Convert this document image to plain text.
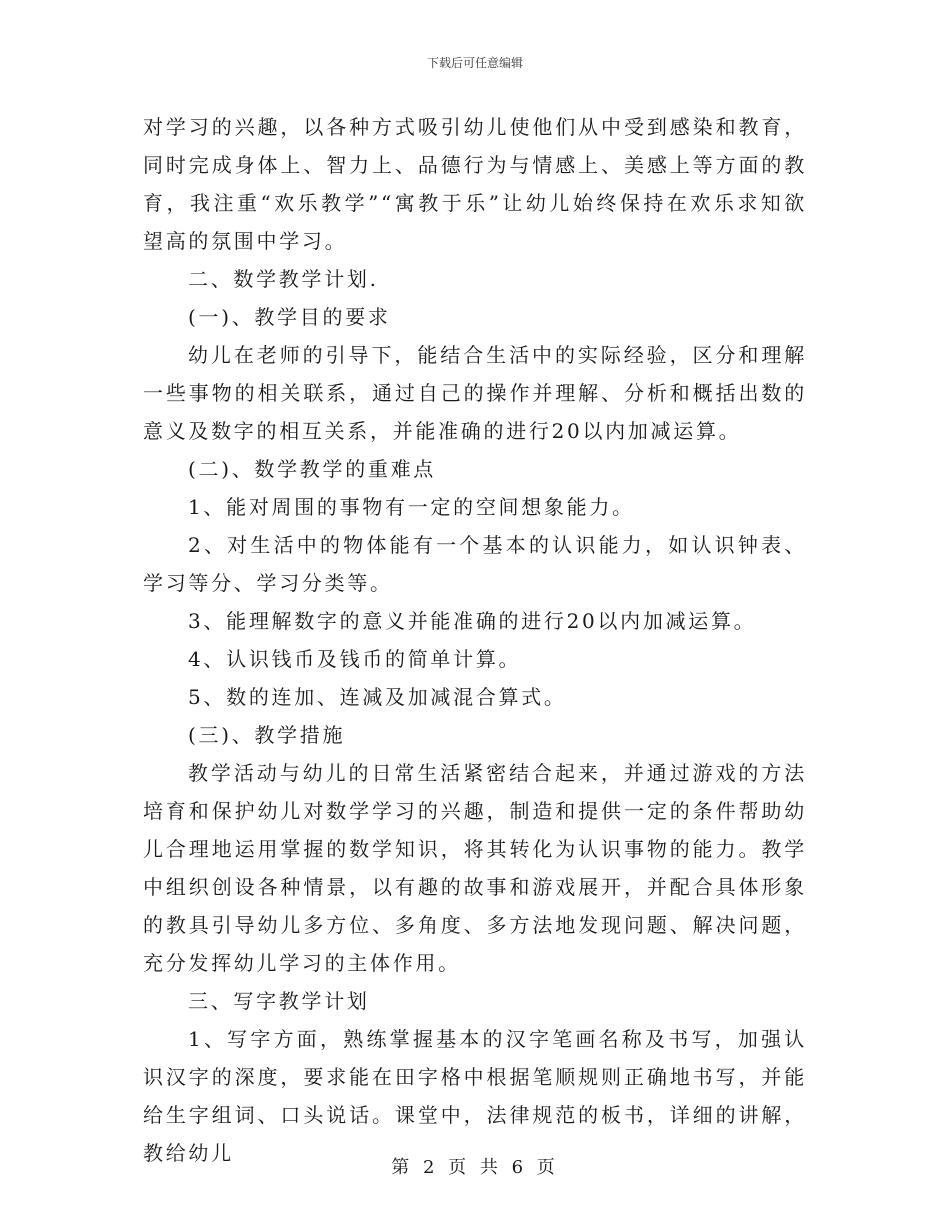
下载后可任意编辑

对学习的兴趣，以各种方式吸引幼儿使他们从中受到感染和教育，同时完成身体上、智力上、品德行为与情感上、美感上等方面的教育，我注重“欢乐教学”“寓教于乐”让幼儿始终保持在欢乐求知欲望高的氛围中学习。

二、数学教学计划.

(一)、教学目的要求

幼儿在老师的引导下，能结合生活中的实际经验，区分和理解一些事物的相关联系，通过自己的操作并理解、分析和概括出数的意义及数字的相互关系，并能准确的进行20以内加减运算。

(二)、数学教学的重难点

1、能对周围的事物有一定的空间想象能力。

2、对生活中的物体能有一个基本的认识能力，如认识钟表、学习等分、学习分类等。

3、能理解数字的意义并能准确的进行20以内加减运算。

4、认识钱币及钱币的简单计算。

5、数的连加、连减及加减混合算式。

(三)、教学措施

教学活动与幼儿的日常生活紧密结合起来，并通过游戏的方法培育和保护幼儿对数学学习的兴趣，制造和提供一定的条件帮助幼儿合理地运用掌握的数学知识，将其转化为认识事物的能力。教学中组织创设各种情景，以有趣的故事和游戏展开，并配合具体形象的教具引导幼儿多方位、多角度、多方法地发现问题、解决问题，充分发挥幼儿学习的主体作用。

三、写字教学计划

1、写字方面，熟练掌握基本的汉字笔画名称及书写，加强认识汉字的深度，要求能在田字格中根据笔顺规则正确地书写，并能给生字组词、口头说话。课堂中，法律规范的板书，详细的讲解，教给幼儿

第 2 页 共 6 页
